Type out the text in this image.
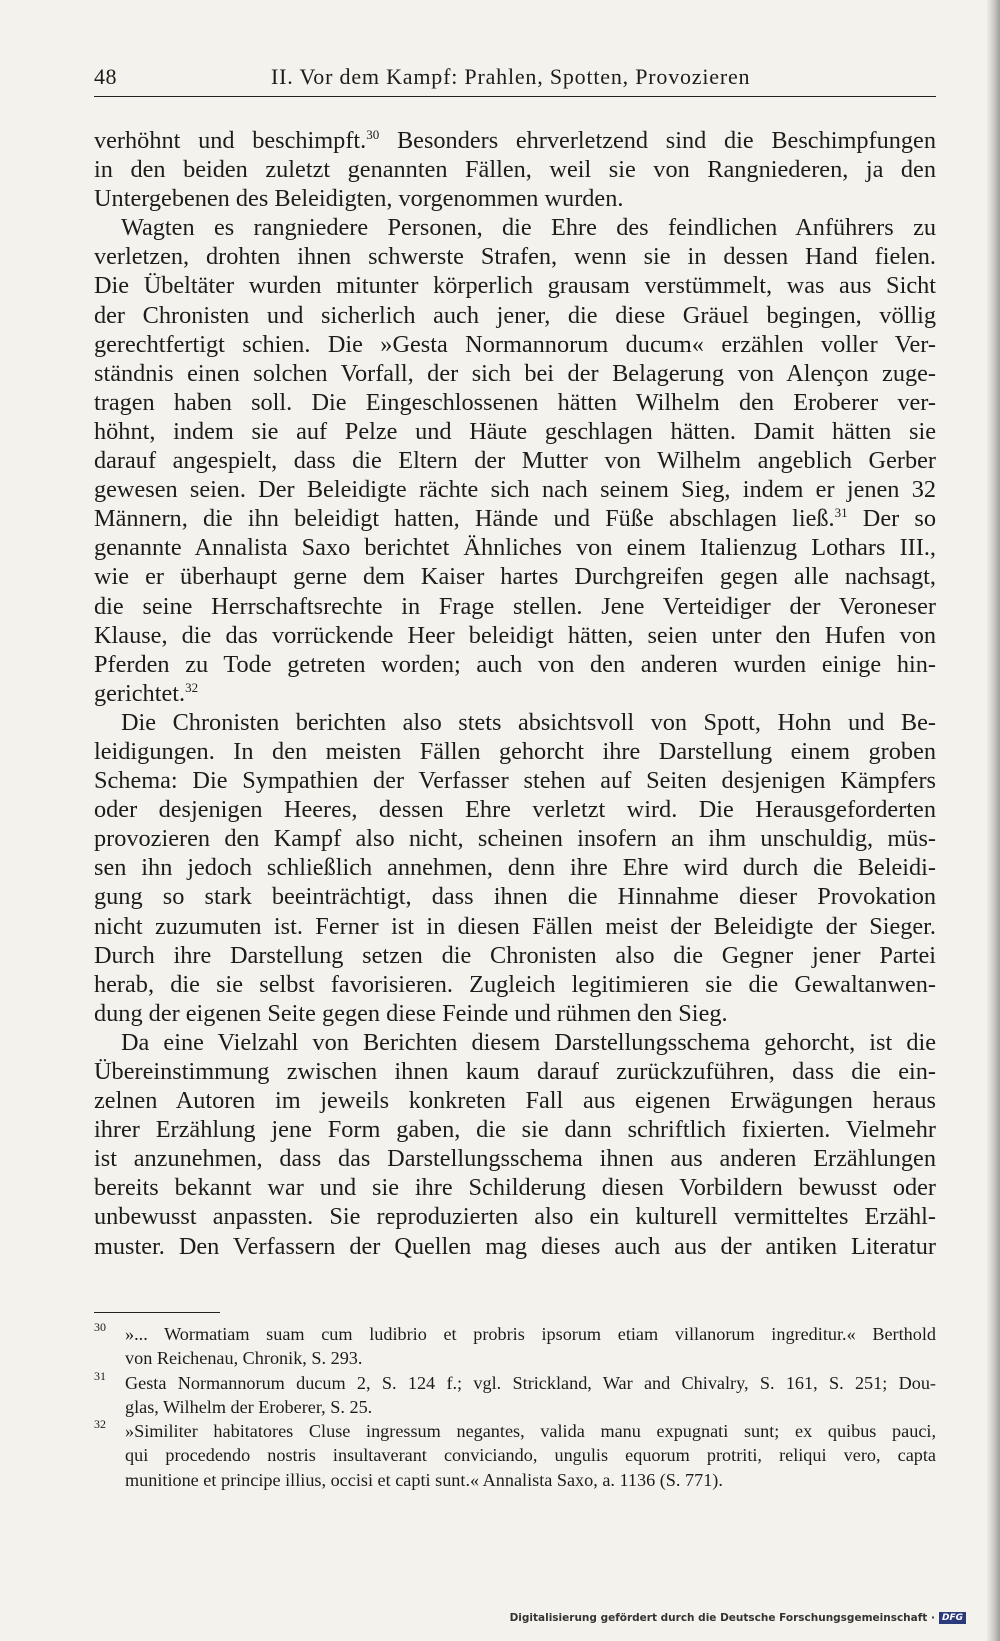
48	II. Vor dem Kampf: Prahlen, Spotten, Provozieren
verhöhnt und beschimpft.$^{30}$ Besonders ehrverletzend sind die Beschimpfungen
in den beiden zuletzt genannten Fällen, weil sie von Rangniederen, ja den
Untergebenen des Beleidigten, vorgenommen wurden.
Wagten es rangniedere Personen, die Ehre des feindlichen Anführers zu
verletzen, drohten ihnen schwerste Strafen, wenn sie in dessen Hand fielen.
Die Übeltäter wurden mitunter körperlich grausam verstümmelt, was aus Sicht
der Chronisten und sicherlich auch jener, die diese Gräuel begingen, völlig
gerechtfertigt schien. Die »Gesta Normannorum ducum« erzählen voller Ver-
ständnis einen solchen Vorfall, der sich bei der Belagerung von Alençon zuge-
tragen haben soll. Die Eingeschlossenen hätten Wilhelm den Eroberer ver-
höhnt, indem sie auf Pelze und Häute geschlagen hätten. Damit hätten sie
darauf angespielt, dass die Eltern der Mutter von Wilhelm angeblich Gerber
gewesen seien. Der Beleidigte rächte sich nach seinem Sieg, indem er jenen 32
Männern, die ihn beleidigt hatten, Hände und Füße abschlagen ließ.$^{31}$ Der so
genannte Annalista Saxo berichtet Ähnliches von einem Italienzug Lothars III.,
wie er überhaupt gerne dem Kaiser hartes Durchgreifen gegen alle nachsagt,
die seine Herrschaftsrechte in Frage stellen. Jene Verteidiger der Veroneser
Klause, die das vorrückende Heer beleidigt hätten, seien unter den Hufen von
Pferden zu Tode getreten worden; auch von den anderen wurden einige hin-
gerichtet.$^{32}$
Die Chronisten berichten also stets absichtsvoll von Spott, Hohn und Be-
leidigungen. In den meisten Fällen gehorcht ihre Darstellung einem groben
Schema: Die Sympathien der Verfasser stehen auf Seiten desjenigen Kämpfers
oder desjenigen Heeres, dessen Ehre verletzt wird. Die Herausgeforderten
provozieren den Kampf also nicht, scheinen insofern an ihm unschuldig, müs-
sen ihn jedoch schließlich annehmen, denn ihre Ehre wird durch die Beleidi-
gung so stark beeinträchtigt, dass ihnen die Hinnahme dieser Provokation
nicht zuzumuten ist. Ferner ist in diesen Fällen meist der Beleidigte der Sieger.
Durch ihre Darstellung setzen die Chronisten also die Gegner jener Partei
herab, die sie selbst favorisieren. Zugleich legitimieren sie die Gewaltanwen-
dung der eigenen Seite gegen diese Feinde und rühmen den Sieg.
Da eine Vielzahl von Berichten diesem Darstellungsschema gehorcht, ist die
Übereinstimmung zwischen ihnen kaum darauf zurückzuführen, dass die ein-
zelnen Autoren im jeweils konkreten Fall aus eigenen Erwägungen heraus
ihrer Erzählung jene Form gaben, die sie dann schriftlich fixierten. Vielmehr
ist anzunehmen, dass das Darstellungsschema ihnen aus anderen Erzählungen
bereits bekannt war und sie ihre Schilderung diesen Vorbildern bewusst oder
unbewusst anpassten. Sie reproduzierten also ein kulturell vermitteltes Erzähl-
muster. Den Verfassern der Quellen mag dieses auch aus der antiken Literatur
30 »... Wormatiam suam cum ludibrio et probris ipsorum etiam villanorum ingreditur.« Berthold
von Reichenau, Chronik, S. 293.
31 Gesta Normannorum ducum 2, S. 124 f.; vgl. Strickland, War and Chivalry, S. 161, S. 251; Dou-
glas, Wilhelm der Eroberer, S. 25.
32 »Similiter habitatores Cluse ingressum negantes, valida manu expugnati sunt; ex quibus pauci,
qui procedendo nostris insultaverant conviciando, ungulis equorum protriti, reliqui vero, capta
munitione et principe illius, occisi et capti sunt.« Annalista Saxo, a. 1136 (S. 771).
Digitalisierung gefördert durch die Deutsche Forschungsgemeinschaft · DFG
